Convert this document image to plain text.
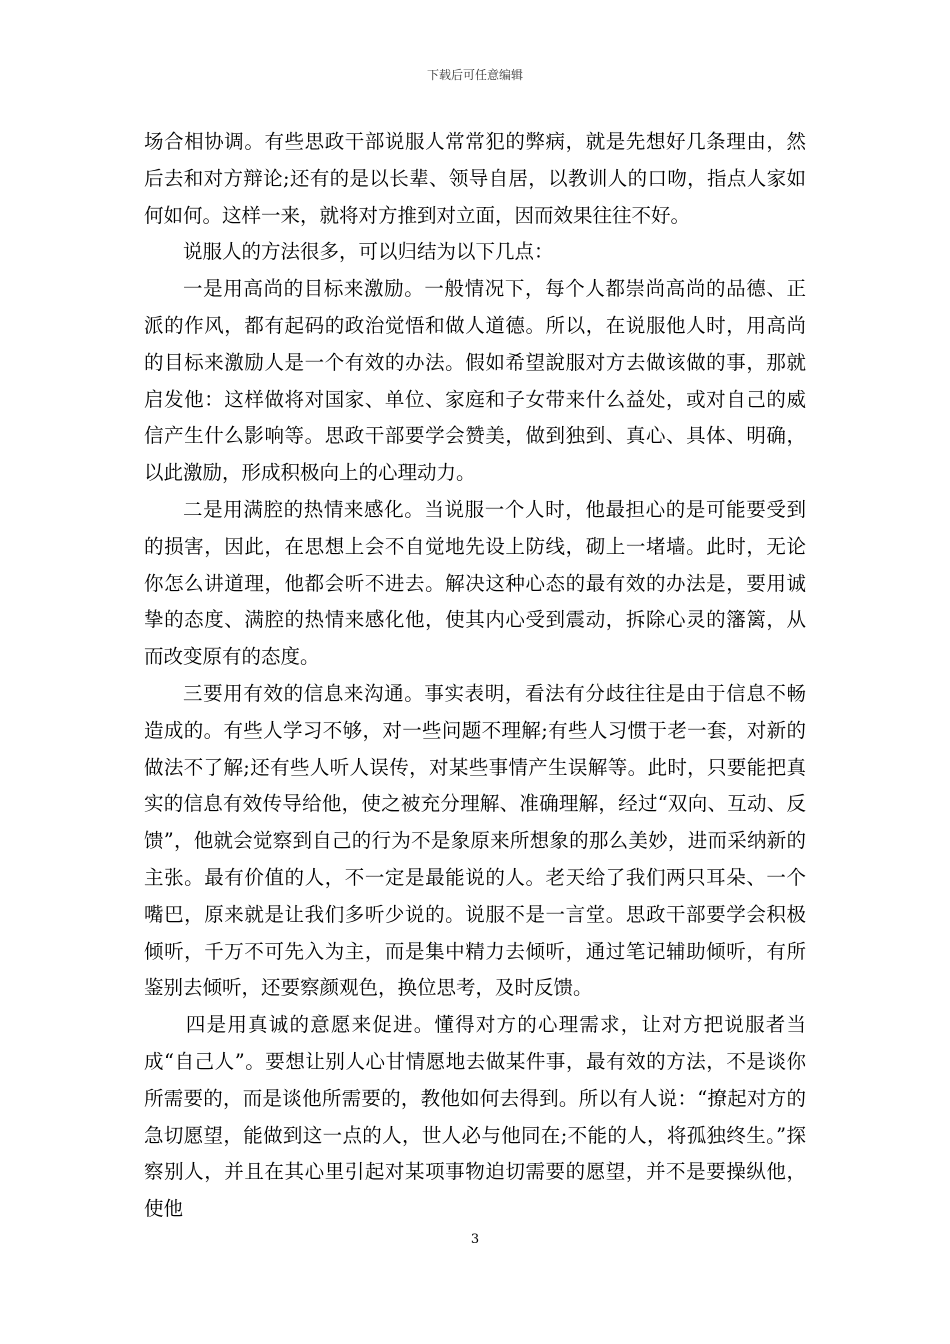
下载后可任意编辑

场合相协调。有些思政干部说服人常常犯的弊病，就是先想好几条理由，然后去和对方辩论;还有的是以长辈、领导自居，以教训人的口吻，指点人家如何如何。这样一来，就将对方推到对立面，因而效果往往不好。

说服人的方法很多，可以归结为以下几点：

一是用高尚的目标来激励。一般情况下，每个人都崇尚高尚的品德、正派的作风，都有起码的政治觉悟和做人道德。所以，在说服他人时，用高尚的目标来激励人是一个有效的办法。假如希望說服对方去做该做的事，那就启发他：这样做将对国家、单位、家庭和子女带来什么益处，或对自己的威信产生什么影响等。思政干部要学会赞美，做到独到、真心、具体、明确，以此激励，形成积极向上的心理动力。

二是用满腔的热情来感化。当说服一个人时，他最担心的是可能要受到的损害，因此，在思想上会不自觉地先设上防线，砌上一堵墙。此时，无论你怎么讲道理，他都会听不进去。解决这种心态的最有效的办法是，要用诚挚的态度、满腔的热情来感化他，使其内心受到震动，拆除心灵的籓篱，从而改变原有的态度。

三要用有效的信息来沟通。事实表明，看法有分歧往往是由于信息不畅造成的。有些人学习不够，对一些问题不理解;有些人习惯于老一套，对新的做法不了解;还有些人听人误传，对某些事情产生误解等。此时，只要能把真实的信息有效传导给他，使之被充分理解、准确理解，经过“双向、互动、反馈”，他就会觉察到自己的行为不是象原来所想象的那么美妙，进而采纳新的主张。最有价值的人，不一定是最能说的人。老天给了我们两只耳朵、一个嘴巴，原来就是让我们多听少说的。说服不是一言堂。思政干部要学会积极倾听，千万不可先入为主，而是集中精力去倾听，通过笔记辅助倾听，有所鉴别去倾听，还要察颜观色，换位思考，及时反馈。

四是用真诚的意愿来促进。懂得对方的心理需求，让对方把说服者当成“自己人”。要想让别人心甘情愿地去做某件事，最有效的方法，不是谈你所需要的，而是谈他所需要的，教他如何去得到。所以有人说：“撩起对方的急切愿望，能做到这一点的人，世人必与他同在;不能的人，将孤独终生。”探察别人，并且在其心里引起对某项事物迫切需要的愿望，并不是要操纵他，使他

3
